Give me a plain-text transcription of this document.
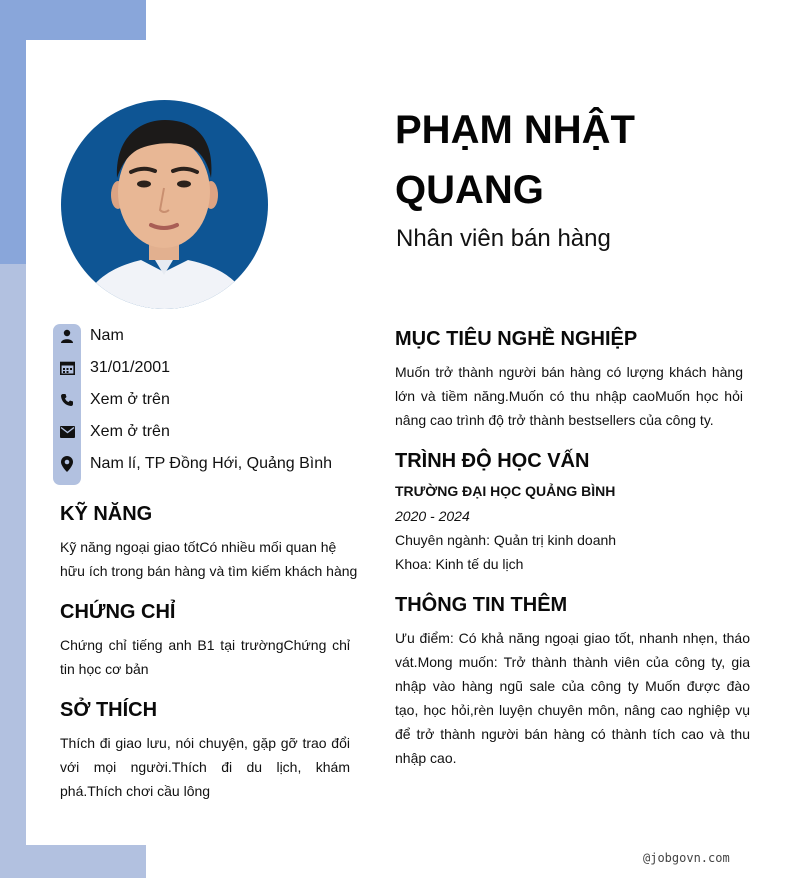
Nam
31/01/2001
Xem ở trên
Xem ở trên
Nam lí, TP Đồng Hới, Quảng Bình
KỸ NĂNG
Kỹ năng ngoại giao tốtCó nhiều mối quan hệ hữu ích trong bán hàng và tìm kiếm khách hàng
CHỨNG CHỈ
Chứng chỉ tiếng anh B1 tại trườngChứng chỉ tin học cơ bản
SỞ THÍCH
Thích đi giao lưu, nói chuyện, gặp gỡ trao đổi với mọi người.Thích đi du lịch, khám phá.Thích chơi cầu lông
PHẠM NHẬT QUANG
Nhân viên bán hàng
MỤC TIÊU NGHỀ NGHIỆP
Muốn trở thành người bán hàng có lượng khách hàng lớn và tiềm năng.Muốn có thu nhập caoMuốn học hỏi nâng cao trình độ trở thành bestsellers của công ty.
TRÌNH ĐỘ HỌC VẤN
TRƯỜNG ĐẠI HỌC QUẢNG BÌNH
2020 - 2024
Chuyên ngành: Quản trị kinh doanh
Khoa: Kinh tế du lịch
THÔNG TIN THÊM
Ưu điểm: Có khả năng ngoại giao tốt, nhanh nhẹn, tháo vát.Mong muốn: Trở thành thành viên của công ty, gia nhập vào hàng ngũ sale của công ty Muốn được đào tạo, học hỏi,rèn luyện chuyên môn, nâng cao nghiệp vụ để trở thành người bán hàng có thành tích cao và thu nhập cao.
@jobgovn.com
